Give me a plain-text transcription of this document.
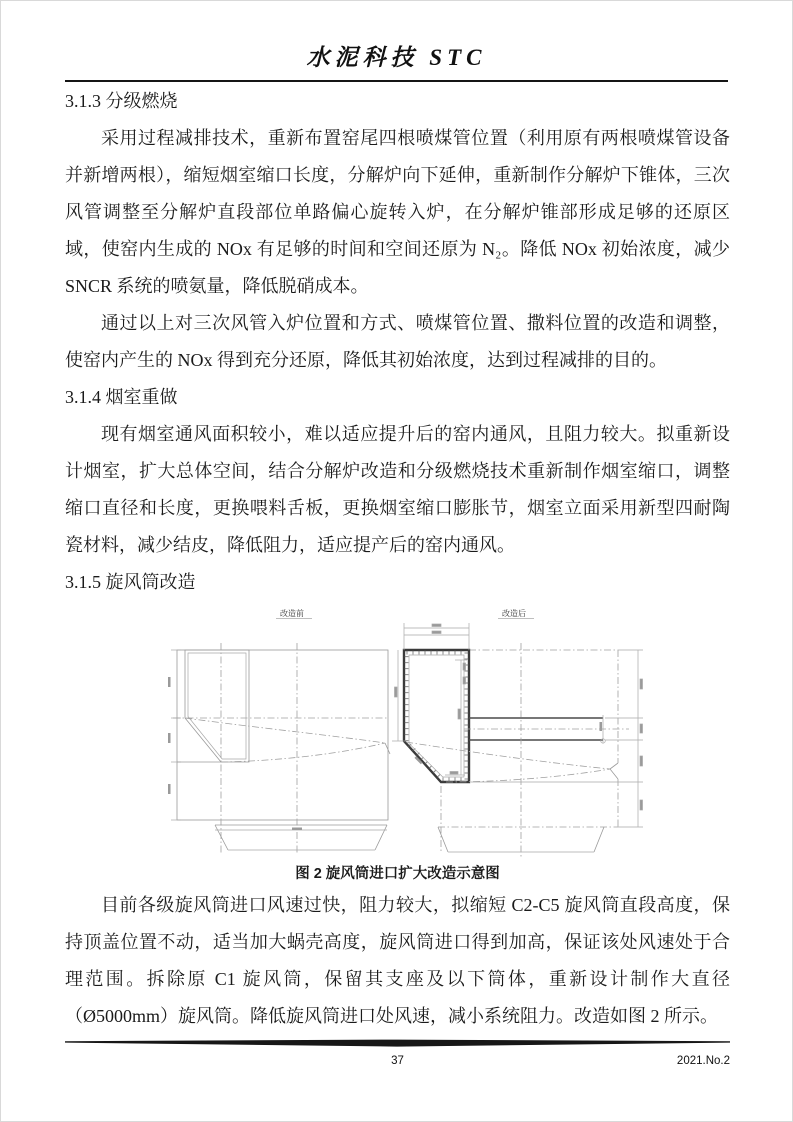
水泥科技 STC
3.1.3 分级燃烧

采用过程减排技术，重新布置窑尾四根喷煤管位置（利用原有两根喷煤管设备并新增两根），缩短烟室缩口长度，分解炉向下延伸，重新制作分解炉下锥体，三次风管调整至分解炉直段部位单路偏心旋转入炉，在分解炉锥部形成足够的还原区域，使窑内生成的 NOx 有足够的时间和空间还原为 N₂。降低 NOx 初始浓度，减少 SNCR 系统的喷氨量，降低脱硝成本。

通过以上对三次风管入炉位置和方式、喷煤管位置、撒料位置的改造和调整，使窑内产生的 NOx 得到充分还原，降低其初始浓度，达到过程减排的目的。

3.1.4 烟室重做

现有烟室通风面积较小，难以适应提升后的窑内通风，且阻力较大。拟重新设计烟室，扩大总体空间，结合分解炉改造和分级燃烧技术重新制作烟室缩口，调整缩口直径和长度，更换喂料舌板，更换烟室缩口膨胀节，烟室立面采用新型四耐陶瓷材料，减少结皮，降低阻力，适应提产后的窑内通风。

3.1.5 旋风筒改造
改造前	改造后

图 2 旋风筒进口扩大改造示意图

目前各级旋风筒进口风速过快，阻力较大，拟缩短 C2-C5 旋风筒直段高度，保持顶盖位置不动，适当加大蜗壳高度，旋风筒进口得到加高，保证该处风速处于合理范围。拆除原 C1 旋风筒，保留其支座及以下筒体，重新设计制作大直径（Ø5000mm）旋风筒。降低旋风筒进口处风速，减小系统阻力。改造如图 2 所示。

37	2021.No.2
